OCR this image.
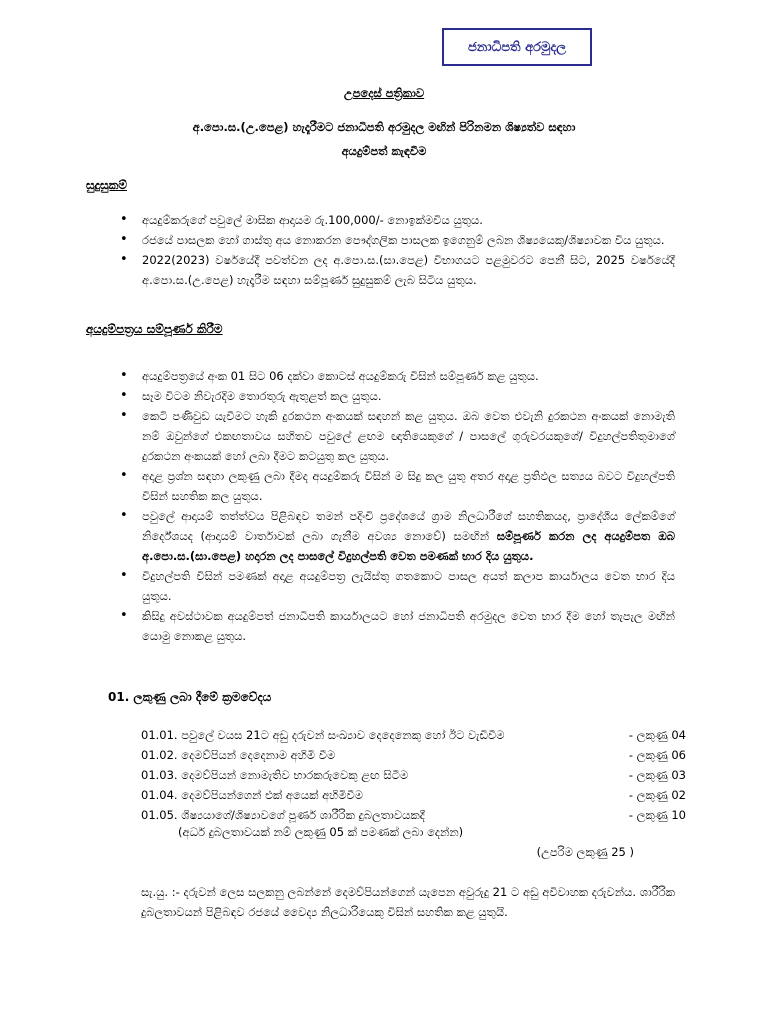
ජනාධිපති අරමුදල
උපදෙස් පත්‍රිකාව
අ.පො.ස.(උ.පෙළ) හැදෑරීමට ජනාධිපති අරමුදල මඟින් පිරිනමන ශිෂ්‍යත්ව සඳහා
අයදුම්පත් කැඳවීම
සුදුසුකම්
• අයදුම්කරුගේ පවුලේ මාසික ආදායම රු.100,000/- නොඉක්මවිය යුතුය.
• රජයේ පාසලක හෝ ගාස්තු අය නොකරන පෞද්ගලික පාසලක ඉගෙනුම් ලබන ශිෂ්‍යයෙකු/ශිෂ්‍යාවක විය යුතුය.
• 2022(2023) වර්ෂයේදී පවත්වන ලද අ.පො.ස.(සා.පෙළ) විභාගයට පළමුවරට පෙනී සිට, 2025 වර්ෂයේදී අ.පො.ස.(උ.පෙළ) හැදෑරීම සඳහා සම්පූර්ණ සුදුසුකම් ලැබ සිටිය යුතුය.
අයදුම්පත්‍රය සම්පූර්ණ කිරීම
• අයදුම්පත්‍රයේ අංක 01 සිට 06 දක්වා කොටස් අයදුම්කරු විසින් සම්පූර්ණ කළ යුතුය.
• සෑම විටම නිවැරදිම තොරතුරු ඇතුළත් කල යුතුය.
• කෙටි පණිවුඩ යැවීමට හැකි දුරකථන අංකයක් සඳහන් කළ යුතුය. ඔබ වෙත එවැනි දුරකථන අංකයක් නොමැති නම් ඔවුන්ගේ එකඟතාවය සහිතව පවුලේ ළඟම ඥාතියෙකුගේ / පාසලේ ගුරුවරයකුගේ/ විදුහල්පතිතුමාගේ දුරකථන අංකයක් හෝ ලබා දීමට කටයුතු කල යුතුය.
• අදාළ ප්‍රශ්න සඳහා ලකුණු ලබා දීමද අයදුම්කරු විසින් ම සිදු කල යුතු අතර අදාළ ප්‍රතිඵල සත්‍යය බවට විදුහල්පති විසින් සහතික කල යුතුය.
• පවුලේ ආදායම් තත්ත්වය පිළිබඳව තමන් පදිංචි ප්‍රදේශයේ ග්‍රාම නිලධාරීගේ සහතිකයද, ප්‍රාදේශීය ලේකම්ගේ නිර්දේශයද (ආදායම් වාර්තාවක් ලබා ගැනීම අවශ්‍ය නොවේ) සමඟින් සම්පූර්ණ කරන ලද අයදුම්පත ඔබ අ.පො.ස.(සා.පෙළ) හදාරන ලද පාසලේ විදුහල්පති වෙත පමණක් භාර දිය යුතුය.
• විදුහල්පති විසින් පමණක් අදාළ අයදුම්පත්‍ර ලැයිස්තු ගතකොට පාසල අයත් කලාප කාර්යාලය වෙත භාර දිය යුතුය.
• කිසිදු අවස්ථාවක අයදුම්පත් ජනාධිපති කාර්යාලයට හෝ ජනාධිපති අරමුදල වෙත භාර දීම හෝ තැපැල මඟින් යොමු නොකළ යුතුය.
01. ලකුණු ලබා දීමේ ක්‍රමවේදය
01.01. පවුලේ වයස 21ට අඩු දරුවන් සංඛ්‍යාව දෙදෙනෙකු හෝ ඊට වැඩිවීම	- ලකුණු 04
01.02. දෙමව්පියන් දෙදෙනාම අහිමි වීම	- ලකුණු 06
01.03. දෙමව්පියන් නොමැතිව භාරකරුවෙකු ළඟ සිටීම	- ලකුණු 03
01.04. දෙමව්පියන්ගෙන් එක් අයෙක් අහිමිවීම	- ලකුණු 02
01.05. ශිෂ්‍යයාගේ/ශිෂ්‍යාවගේ පූර්ණ ශාරීරික දුබලතාවයකදී	- ලකුණු 10
(අර්ධ දුබලතාවයක් නම් ලකුණු 05 ක් පමණක් ලබා දෙන්න)
(උපරිම ලකුණු 25 )
සැ.යු. :- දරුවන් ලෙස සලකනු ලබන්නේ දෙමව්පියන්ගෙන් යැපෙන අවුරුදු 21 ට අඩු අවිවාහක දරුවන්ය. ශාරීරික දුබලතාවයන් පිළිබඳව රජයේ වෛද්‍ය නිලධාරියෙකු විසින් සහතික කළ යුතුයි.
